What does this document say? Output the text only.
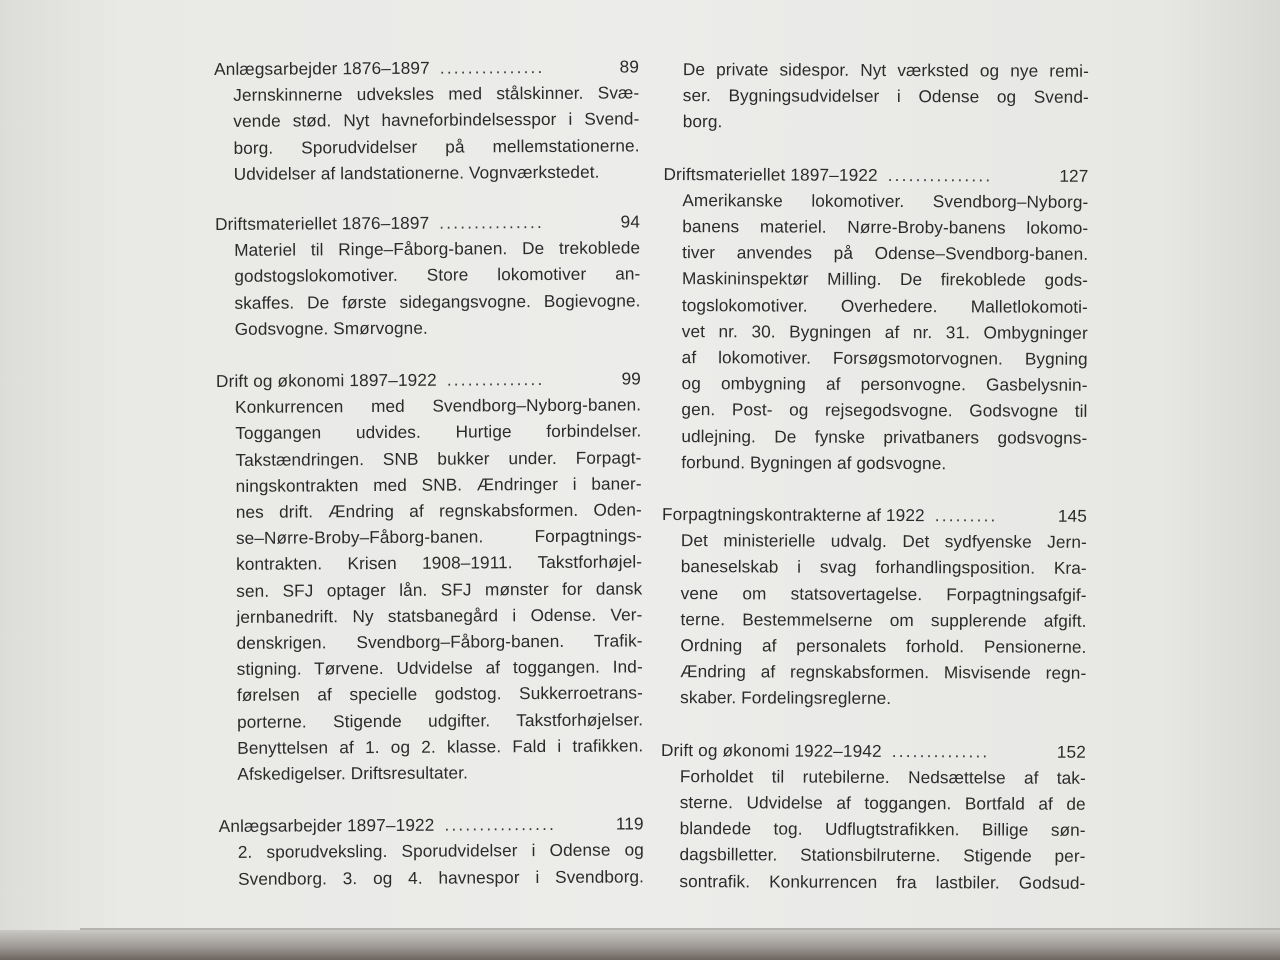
Anlægsarbejder 1876–1897 ...............	89
Jernskinnerne udveksles med stålskinner. Svæ-
vende stød. Nyt havneforbindelsesspor i Svend-
borg. Sporudvidelser på mellemstationerne.
Udvidelser af landstationerne. Vognværkstedet.
Driftsmateriellet 1876–1897 ...............	94
Materiel til Ringe–Fåborg-banen. De trekoblede
godstogslokomotiver. Store lokomotiver an-
skaffes. De første sidegangsvogne. Bogievogne.
Godsvogne. Smørvogne.
Drift og økonomi 1897–1922 ..............	99
Konkurrencen med Svendborg–Nyborg-banen.
Toggangen udvides. Hurtige forbindelser.
Takstændringen. SNB bukker under. Forpagt-
ningskontrakten med SNB. Ændringer i baner-
nes drift. Ændring af regnskabsformen. Oden-
se–Nørre-Broby–Fåborg-banen. Forpagtnings-
kontrakten. Krisen 1908–1911. Takstforhøjel-
sen. SFJ optager lån. SFJ mønster for dansk
jernbanedrift. Ny statsbanegård i Odense. Ver-
denskrigen. Svendborg–Fåborg-banen. Trafik-
stigning. Tørvene. Udvidelse af toggangen. Ind-
førelsen af specielle godstog. Sukkerroetrans-
porterne. Stigende udgifter. Takstforhøjelser.
Benyttelsen af 1. og 2. klasse. Fald i trafikken.
Afskedigelser. Driftsresultater.
Anlægsarbejder 1897–1922 ................	119
2. sporudveksling. Sporudvidelser i Odense og
Svendborg. 3. og 4. havnespor i Svendborg.
De private sidespor. Nyt værksted og nye remi-
ser. Bygningsudvidelser i Odense og Svend-
borg.
Driftsmateriellet 1897–1922 ...............	127
Amerikanske lokomotiver. Svendborg–Nyborg-
banens materiel. Nørre-Broby-banens lokomo-
tiver anvendes på Odense–Svendborg-banen.
Maskininspektør Milling. De firekoblede gods-
togslokomotiver. Overhedere. Malletlokomoti-
vet nr. 30. Bygningen af nr. 31. Ombygninger
af lokomotiver. Forsøgsmotorvognen. Bygning
og ombygning af personvogne. Gasbelysnin-
gen. Post- og rejsegodsvogne. Godsvogne til
udlejning. De fynske privatbaners godsvogns-
forbund. Bygningen af godsvogne.
Forpagtningskontrakterne af 1922 .........	145
Det ministerielle udvalg. Det sydfyenske Jern-
baneselskab i svag forhandlingsposition. Kra-
vene om statsovertagelse. Forpagtningsafgif-
terne. Bestemmelserne om supplerende afgift.
Ordning af personalets forhold. Pensionerne.
Ændring af regnskabsformen. Misvisende regn-
skaber. Fordelingsreglerne.
Drift og økonomi 1922–1942 ..............	152
Forholdet til rutebilerne. Nedsættelse af tak-
sterne. Udvidelse af toggangen. Bortfald af de
blandede tog. Udflugtstrafikken. Billige søn-
dagsbilletter. Stationsbilruterne. Stigende per-
sontrafik. Konkurrencen fra lastbiler. Godsud-
